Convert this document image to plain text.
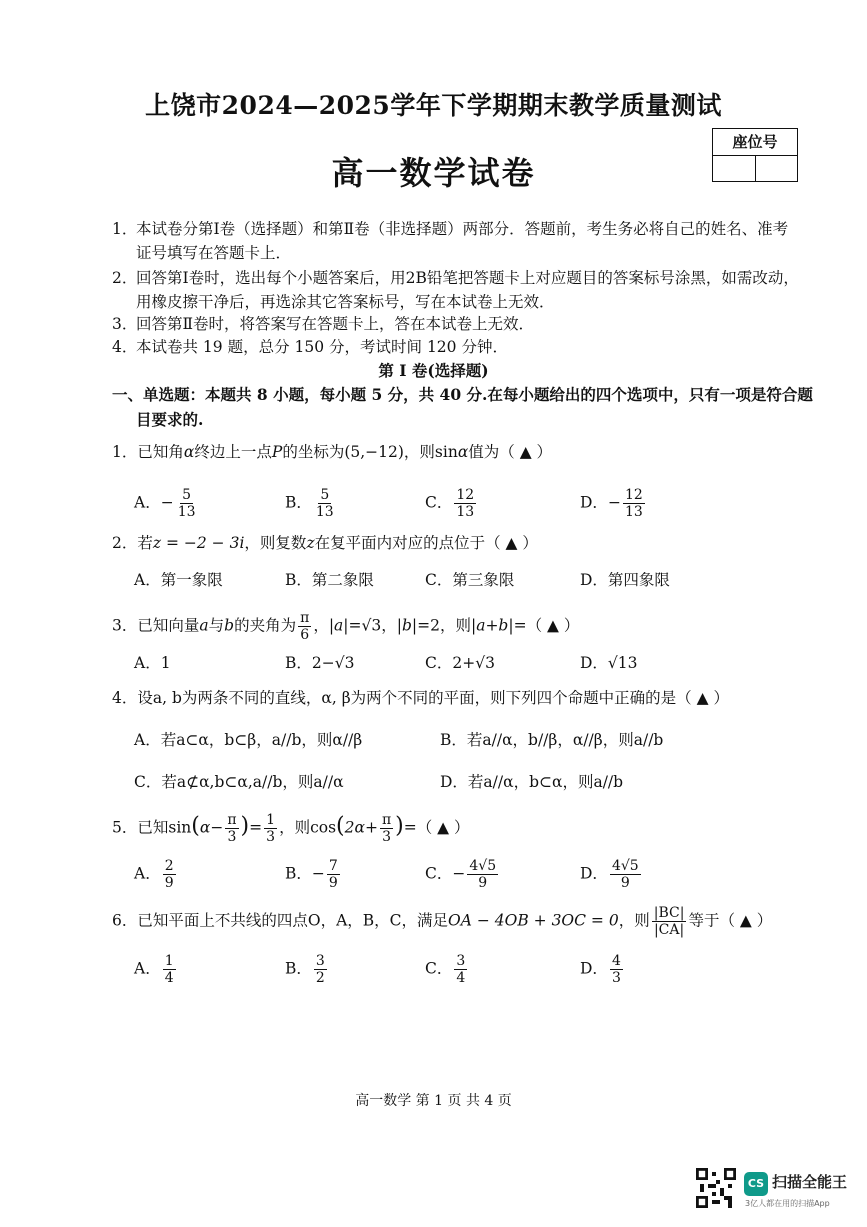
上饶市2024—2025学年下学期期末教学质量测试
高一数学试卷
座位号
1．本试卷分第Ⅰ卷（选择题）和第Ⅱ卷（非选择题）两部分．答题前，考生务必将自己的姓名、准考
证号填写在答题卡上．
2．回答第Ⅰ卷时，选出每个小题答案后，用2B铅笔把答题卡上对应题目的答案标号涂黑，如需改动，
用橡皮擦干净后，再选涂其它答案标号，写在本试卷上无效．
3．回答第Ⅱ卷时，将答案写在答题卡上，答在本试卷上无效．
4．本试卷共 19 题，总分 150 分，考试时间 120 分钟．
第 I 卷(选择题)
一、单选题：本题共 8 小题，每小题 5 分，共 40 分.在每小题给出的四个选项中，只有一项是符合题
目要求的.
1．已知角α终边上一点P的坐标为(5,−12)，则sinα值为（ ▲ ）
A．− $\frac{5}{13}$	B． $\frac{5}{13}$	C． $\frac{12}{13}$	D．− $\frac{12}{13}$
2．若z = −2 − 3i，则复数z在复平面内对应的点位于（ ▲ ）
A．第一象限	B．第二象限	C．第三象限	D．第四象限
3．已知向量a与b的夹角为 $\frac{\pi}{6}$ ，|a|=√3，|b|=2，则|a+b|=（ ▲ ）
A．1	B．2−√3	C．2+√3	D．√13
4．设a, b为两条不同的直线，α, β为两个不同的平面，则下列四个命题中正确的是（ ▲ ）
A．若a⊂α，b⊂β，a//b，则α//β	B．若a//α，b//β，α//β，则a//b
C．若a⊄α,b⊂α,a//b，则a//α	D．若a//α，b⊂α，则a//b
5．已知$\sin(\alpha- \frac{\pi}{3}$ )= $\frac{1}{3}$ ，则$\cos(2\alpha+ \frac{\pi}{3}$ )=（ ▲ ）
A． $\frac{2}{9}$	B．− $\frac{7}{9}$	C．− $\frac{4√5}{9}$	D． $\frac{4√5}{9}$
6．已知平面上不共线的四点O，A，B，C，满足OA − 4OB + 3OC = 0，则 $\frac{|BC|}{|CA|}$ 等于（ ▲ ）
A． $\frac{1}{4}$	B． $\frac{3}{2}$	C． $\frac{3}{4}$	D． $\frac{4}{3}$
高一数学 第 1 页 共 4 页
CS 扫描全能王
3亿人都在用的扫描App
